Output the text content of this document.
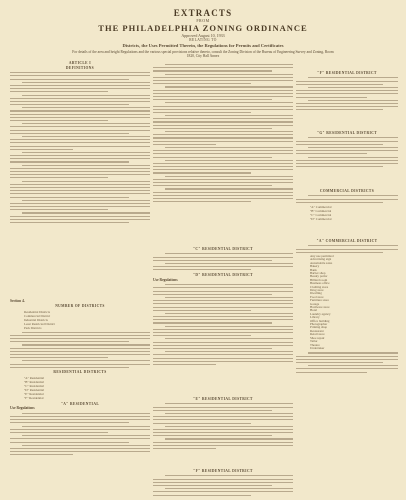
EXTRACTS
FROM
THE PHILADELPHIA ZONING ORDINANCE
Approved August 10, 1933
RELATING TO
Districts, the Uses Permitted Therein, the Regulations for Permits and Certificates
For details of the area and height Regulations and the various special provisions relative thereto, consult the Zoning Division of the Bureau of Engineering Survey and Zoning, Room 1820, City Hall Annex
ARTICLE I
DEFINITIONS
Section 4.
NUMBER OF DISTRICTS
Residential Districts
Commercial District
Industrial Districts
Least Restricted District
Park Districts
RESIDENTIAL DISTRICTS
"A" Residential
"B" Residential
"C" Residential
"D" Residential
"E" Residential
"F" Residential
"A" RESIDENTIAL
Use Regulations
"C" RESIDENTIAL DISTRICT
"D" RESIDENTIAL DISTRICT
Use Regulations
"E" RESIDENTIAL DISTRICT
"F" RESIDENTIAL DISTRICT
"F" RESIDENTIAL DISTRICT
"G" RESIDENTIAL DISTRICT
COMMERCIAL DISTRICTS
"A" Commercial
"B" Commercial
"C" Commercial
"D" Commercial
"A" COMMERCIAL DISTRICT
Any use permitted
Advertising sign
Automobile sales
Bakery
Bank
Barber shop
Beauty parlor
Billiard room
Business office
Clothing store
Drug store
Dwelling
Food store
Furniture store
Garage
Hardware store
Hotel
Laundry agency
Library
Office building
Photographer
Printing shop
Restaurant
Retail store
Shoe repair
Tailor
Theatre
Undertaker
